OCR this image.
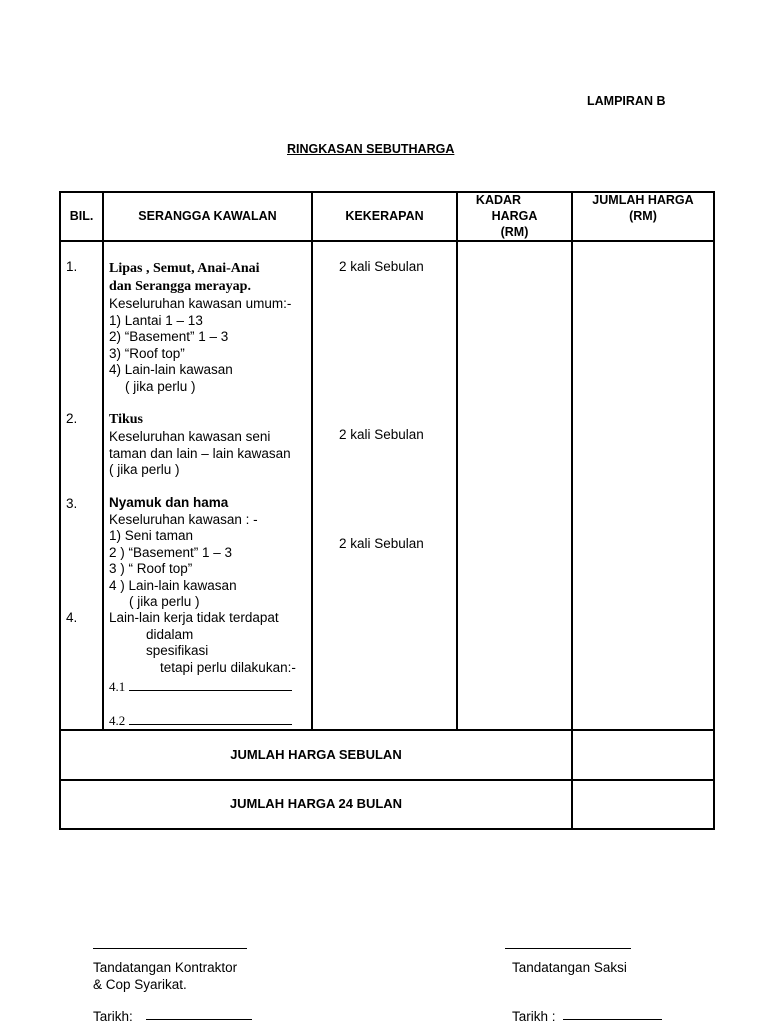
LAMPIRAN B
RINGKASAN SEBUTHARGA
BIL.	SERANGGA KAWALAN	KEKERAPAN
KADAR
HARGA
(RM)
JUMLAH HARGA
(RM)
1. Lipas , Semut, Anai-Anai
dan Serangga merayap.
Keseluruhan kawasan umum:-
1) Lantai 1 – 13
2) “Basement” 1 – 3
3) “Roof top”
4) Lain-lain kawasan
( jika perlu )
2 kali Sebulan
2. Tikus
Keseluruhan kawasan seni
taman dan lain – lain kawasan
( jika perlu )
2 kali Sebulan
3. Nyamuk dan hama
Keseluruhan kawasan : -
1) Seni taman
2 ) “Basement” 1 – 3
3 ) “ Roof top”
4 ) Lain-lain kawasan
( jika perlu )
2 kali Sebulan
4. Lain-lain kerja tidak terdapat
didalam spesifikasi
tetapi perlu dilakukan:-
4.1
4.2
JUMLAH HARGA SEBULAN
JUMLAH HARGA 24 BULAN
Tandatangan Kontraktor
& Cop Syarikat.
Tarikh:
Tandatangan Saksi
Tarikh :
